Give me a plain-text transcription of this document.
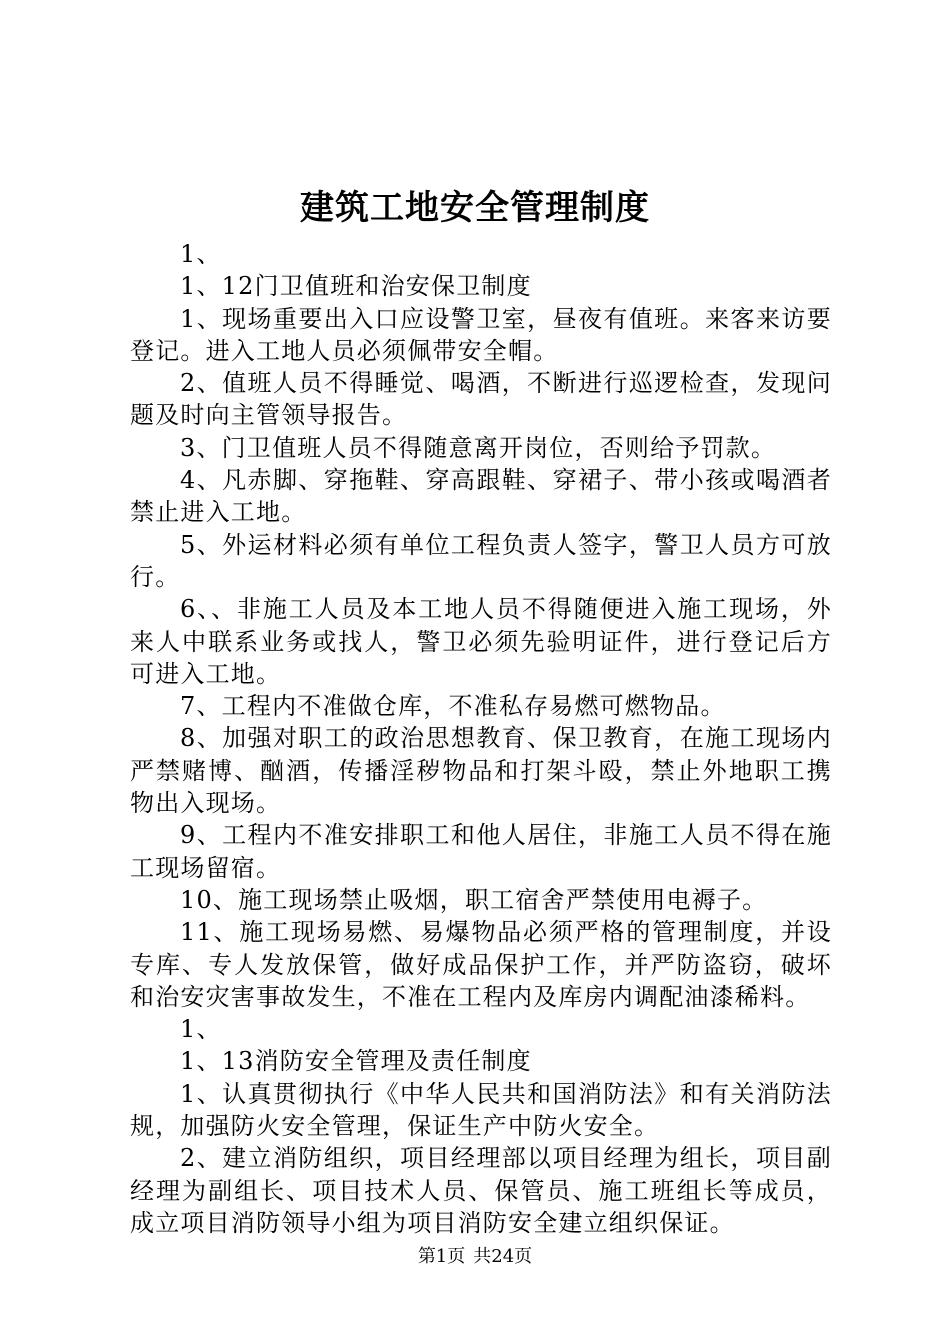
建筑工地安全管理制度

1、

1、12门卫值班和治安保卫制度

1、现场重要出入口应设警卫室，昼夜有值班。来客来访要登记。进入工地人员必须佩带安全帽。

2、值班人员不得睡觉、喝酒，不断进行巡逻检查，发现问题及时向主管领导报告。

3、门卫值班人员不得随意离开岗位，否则给予罚款。

4、凡赤脚、穿拖鞋、穿高跟鞋、穿裙子、带小孩或喝酒者禁止进入工地。

5、外运材料必须有单位工程负责人签字，警卫人员方可放行。

6、、非施工人员及本工地人员不得随便进入施工现场，外来人中联系业务或找人，警卫必须先验明证件，进行登记后方可进入工地。

7、工程内不准做仓库，不准私存易燃可燃物品。

8、加强对职工的政治思想教育、保卫教育，在施工现场内严禁赌博、酗酒，传播淫秽物品和打架斗殴，禁止外地职工携物出入现场。

9、工程内不准安排职工和他人居住，非施工人员不得在施工现场留宿。

10、施工现场禁止吸烟，职工宿舍严禁使用电褥子。

11、施工现场易燃、易爆物品必须严格的管理制度，并设专库、专人发放保管，做好成品保护工作，并严防盗窃，破坏和治安灾害事故发生，不准在工程内及库房内调配油漆稀料。

1、

1、13消防安全管理及责任制度

1、认真贯彻执行《中华人民共和国消防法》和有关消防法规，加强防火安全管理，保证生产中防火安全。

2、建立消防组织，项目经理部以项目经理为组长，项目副经理为副组长、项目技术人员、保管员、施工班组长等成员，成立项目消防领导小组为项目消防安全建立组织保证。

第1页 共24页
